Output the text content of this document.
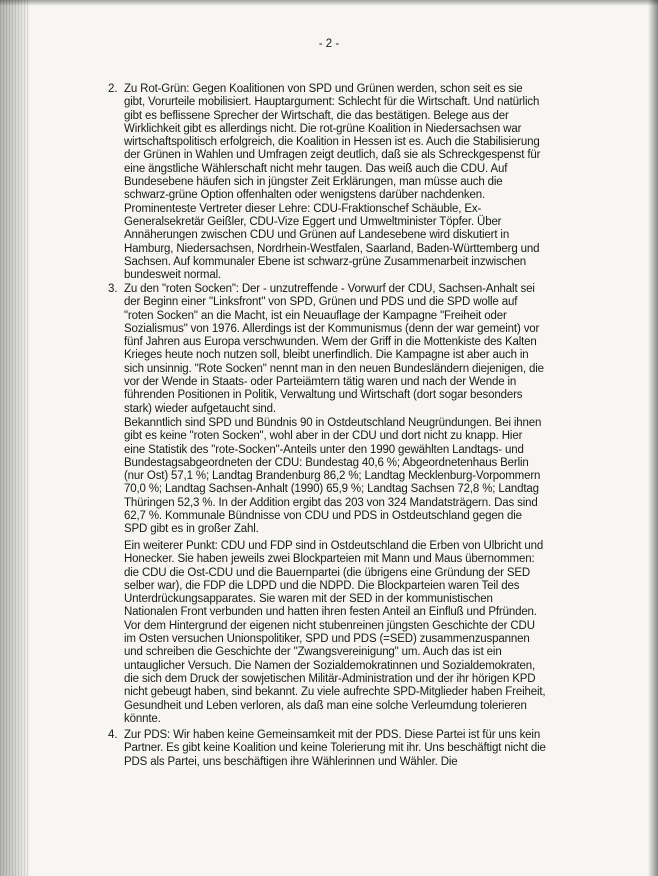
- 2 -
2. Zu Rot-Grün: Gegen Koalitionen von SPD und Grünen werden, schon seit es sie gibt, Vorurteile mobilisiert. Hauptargument: Schlecht für die Wirtschaft. Und natürlich gibt es beflissene Sprecher der Wirtschaft, die das bestätigen. Belege aus der Wirklichkeit gibt es allerdings nicht. Die rot-grüne Koalition in Niedersachsen war wirtschaftspolitisch erfolgreich, die Koalition in Hessen ist es. Auch die Stabilisierung der Grünen in Wahlen und Umfragen zeigt deutlich, daß sie als Schreckgespenst für eine ängstliche Wählerschaft nicht mehr taugen. Das weiß auch die CDU. Auf Bundesebene häufen sich in jüngster Zeit Erklärungen, man müsse auch die schwarz-grüne Option offenhalten oder wenigstens darüber nachdenken. Prominenteste Vertreter dieser Lehre: CDU-Fraktionschef Schäuble, Ex-Generalsekretär Geißler, CDU-Vize Eggert und Umweltminister Töpfer. Über Annäherungen zwischen CDU und Grünen auf Landesebene wird diskutiert in Hamburg, Niedersachsen, Nordrhein-Westfalen, Saarland, Baden-Württemberg und Sachsen. Auf kommunaler Ebene ist schwarz-grüne Zusammenarbeit inzwischen bundesweit normal.

3. Zu den "roten Socken": Der - unzutreffende - Vorwurf der CDU, Sachsen-Anhalt sei der Beginn einer "Linksfront" von SPD, Grünen und PDS und die SPD wolle auf "roten Socken" an die Macht, ist ein Neuauflage der Kampagne "Freiheit oder Sozialismus" von 1976. Allerdings ist der Kommunismus (denn der war gemeint) vor fünf Jahren aus Europa verschwunden. Wem der Griff in die Mottenkiste des Kalten Krieges heute noch nutzen soll, bleibt unerfindlich. Die Kampagne ist aber auch in sich unsinnig. "Rote Socken" nennt man in den neuen Bundesländern diejenigen, die vor der Wende in Staats- oder Parteiämtern tätig waren und nach der Wende in führenden Positionen in Politik, Verwaltung und Wirtschaft (dort sogar besonders stark) wieder aufgetaucht sind.

Bekanntlich sind SPD und Bündnis 90 in Ostdeutschland Neugründungen. Bei ihnen gibt es keine "roten Socken", wohl aber in der CDU und dort nicht zu knapp. Hier eine Statistik des "rote-Socken"-Anteils unter den 1990 gewählten Landtags- und Bundestagsabgeordneten der CDU: Bundestag 40,6 %; Abgeordnetenhaus Berlin (nur Ost) 57,1 %; Landtag Brandenburg 86,2 %; Landtag Mecklenburg-Vorpommern 70,0 %; Landtag Sachsen-Anhalt (1990) 65,9 %; Landtag Sachsen 72,8 %; Landtag Thüringen 52,3 %. In der Addition ergibt das 203 von 324 Mandatsträgern. Das sind 62,7 %. Kommunale Bündnisse von CDU und PDS in Ostdeutschland gegen die SPD gibt es in großer Zahl.

Ein weiterer Punkt: CDU und FDP sind in Ostdeutschland die Erben von Ulbricht und Honecker. Sie haben jeweils zwei Blockparteien mit Mann und Maus übernommen: die CDU die Ost-CDU und die Bauernpartei (die übrigens eine Gründung der SED selber war), die FDP die LDPD und die NDPD. Die Blockparteien waren Teil des Unterdrückungsapparates. Sie waren mit der SED in der kommunistischen Nationalen Front verbunden und hatten ihren festen Anteil an Einfluß und Pfründen. Vor dem Hintergrund der eigenen nicht stubenreinen jüngsten Geschichte der CDU im Osten versuchen Unionspolitiker, SPD und PDS (=SED) zusammenzuspannen und schreiben die Geschichte der "Zwangsvereinigung" um. Auch das ist ein untauglicher Versuch. Die Namen der Sozialdemokratinnen und Sozialdemokraten, die sich dem Druck der sowjetischen Militär-Administration und der ihr hörigen KPD nicht gebeugt haben, sind bekannt. Zu viele aufrechte SPD-Mitglieder haben Freiheit, Gesundheit und Leben verloren, als daß man eine solche Verleumdung tolerieren könnte.

4. Zur PDS: Wir haben keine Gemeinsamkeit mit der PDS. Diese Partei ist für uns kein Partner. Es gibt keine Koalition und keine Tolerierung mit ihr. Uns beschäftigt nicht die PDS als Partei, uns beschäftigen ihre Wählerinnen und Wähler. Die
